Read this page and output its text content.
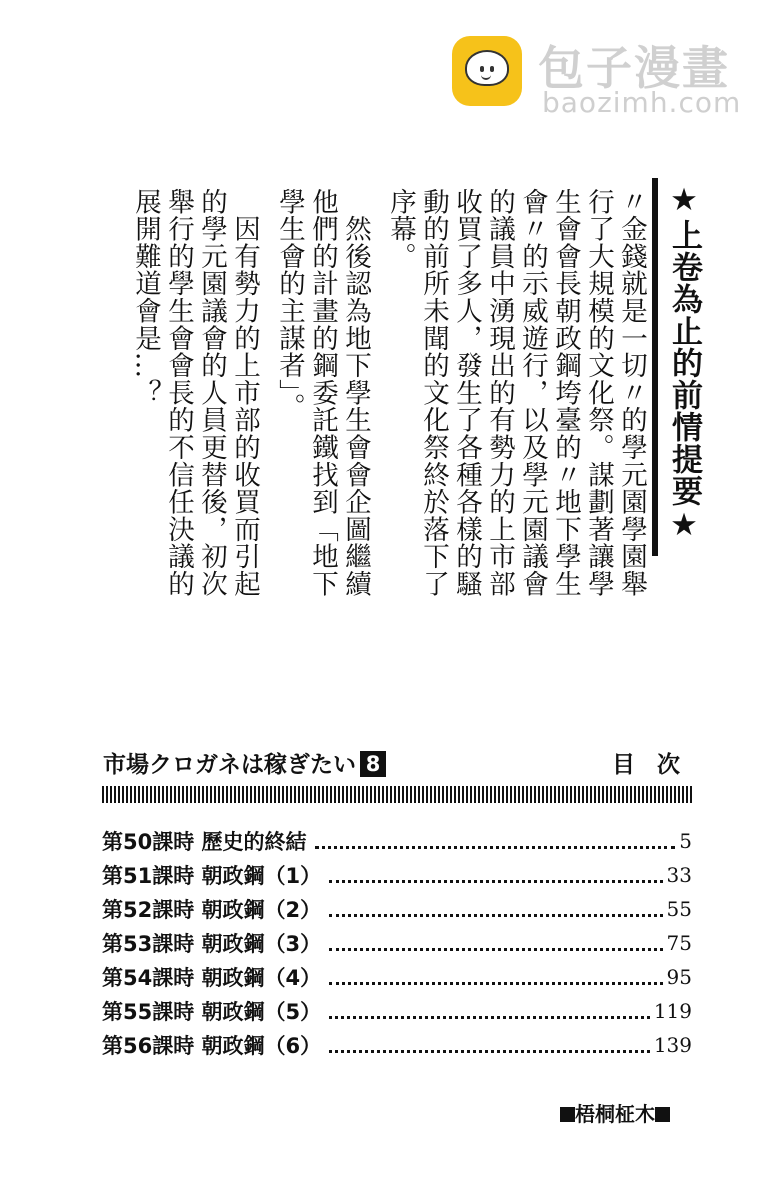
包子漫畫
baozimh.com
★上卷為止的前情提要★
〃金錢就是一切〃的學元園學園舉
行了大規模的文化祭。謀劃著讓學
生會會長朝政鋼垮臺的〃地下學生
會〃的示威遊行，以及學元園議會
的議員中湧現出的有勢力的上市部
收買了多人，發生了各種各樣的騷
動的前所未聞的文化祭終於落下了
序幕。
　然後認為地下學生會會企圖繼續
他們的計畫的鋼委託鐵找到「地下
學生會的主謀者」。
　因有勢力的上市部的收買而引起
的學元園議會的人員更替後，初次
舉行的學生會會長的不信任決議的
展開難道會是…？
市場クロガネは稼ぎたい 8	目次
第50課時 歷史的終結	5
第51課時 朝政鋼（1）	33
第52課時 朝政鋼（2）	55
第53課時 朝政鋼（3）	75
第54課時 朝政鋼（4）	95
第55課時 朝政鋼（5）	119
第56課時 朝政鋼（6）	139
梧桐柾木
